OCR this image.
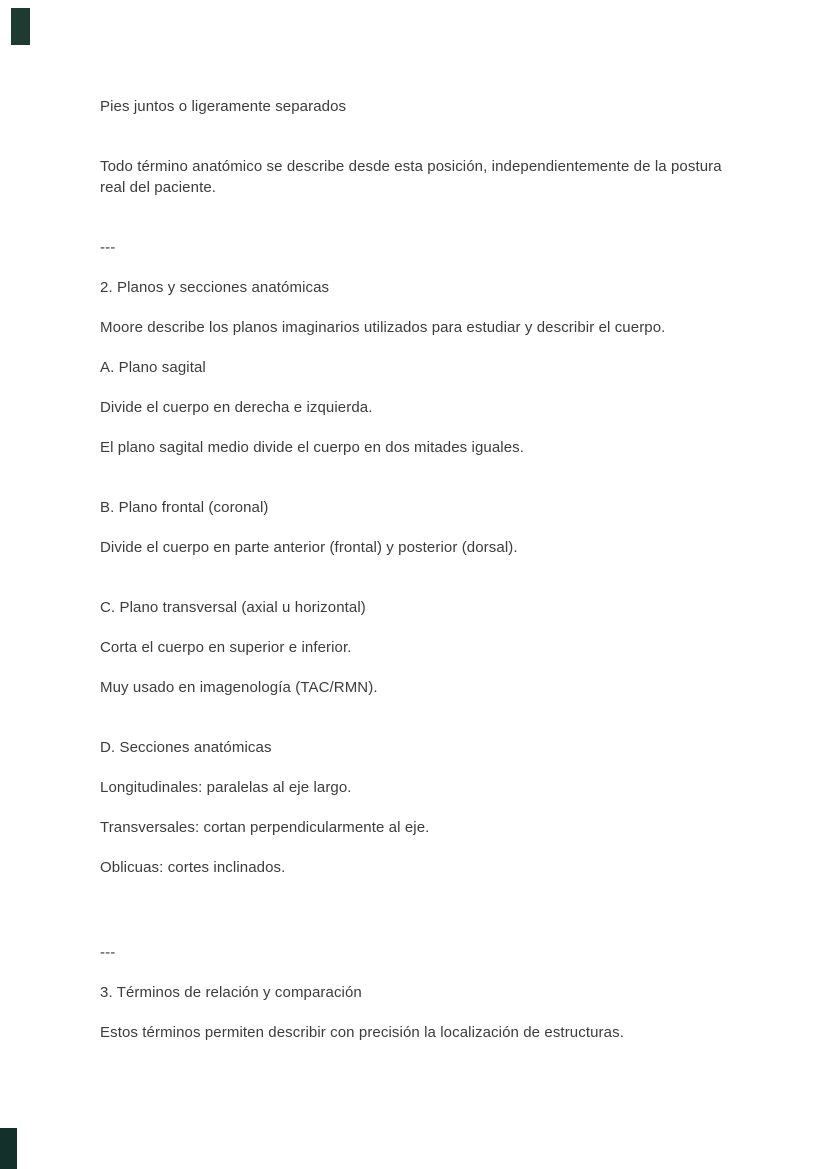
Pies juntos o ligeramente separados

Todo término anatómico se describe desde esta posición, independientemente de la postura real del paciente.

---

2. Planos y secciones anatómicas

Moore describe los planos imaginarios utilizados para estudiar y describir el cuerpo.

A. Plano sagital

Divide el cuerpo en derecha e izquierda.

El plano sagital medio divide el cuerpo en dos mitades iguales.

B. Plano frontal (coronal)

Divide el cuerpo en parte anterior (frontal) y posterior (dorsal).

C. Plano transversal (axial u horizontal)

Corta el cuerpo en superior e inferior.

Muy usado en imagenología (TAC/RMN).

D. Secciones anatómicas

Longitudinales: paralelas al eje largo.

Transversales: cortan perpendicularmente al eje.

Oblicuas: cortes inclinados.

---

3. Términos de relación y comparación

Estos términos permiten describir con precisión la localización de estructuras.
